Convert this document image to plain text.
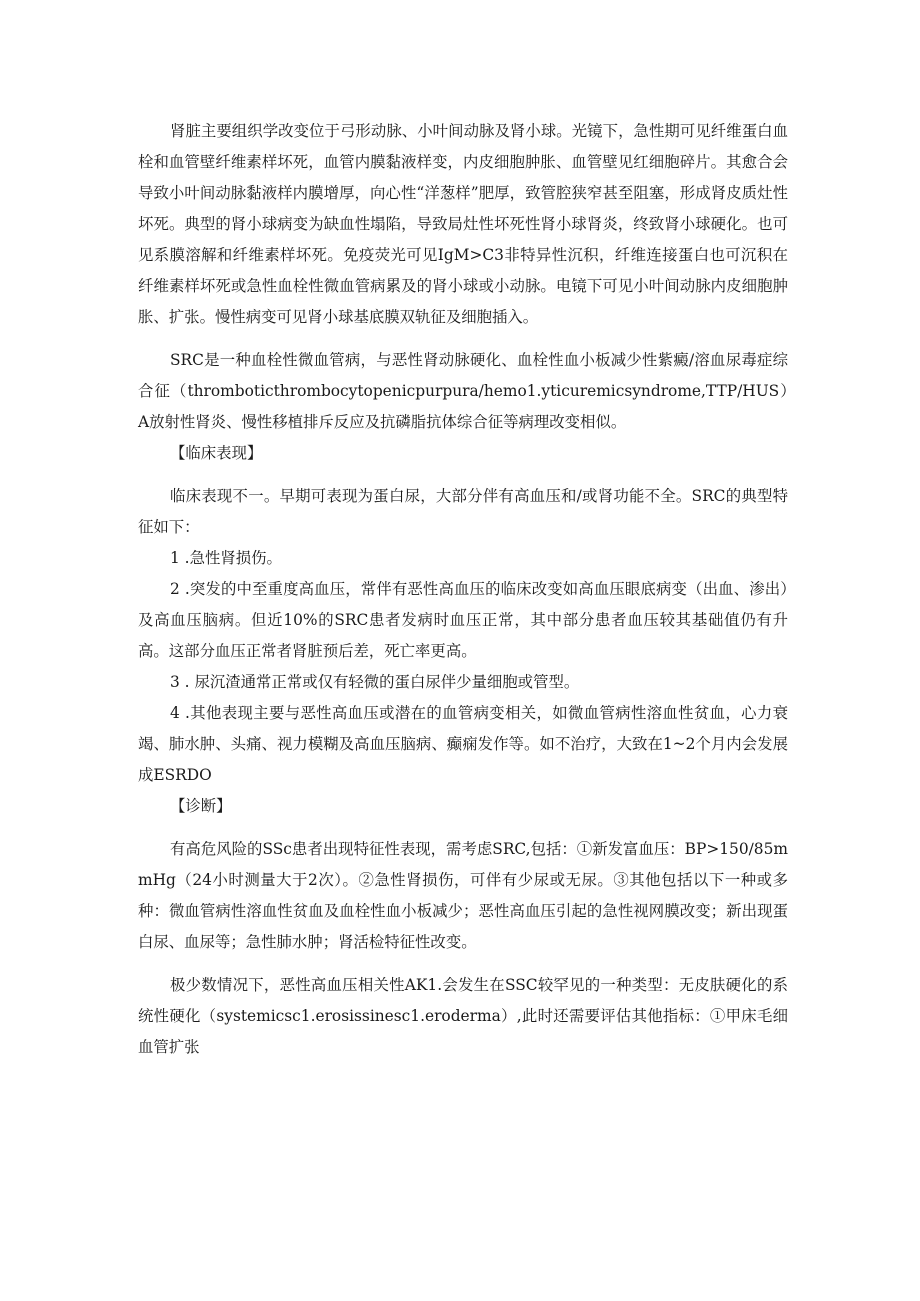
肾脏主要组织学改变位于弓形动脉、小叶间动脉及肾小球。光镜下，急性期可见纤维蛋白血栓和血管壁纤维素样坏死，血管内膜黏液样变，内皮细胞肿胀、血管壁见红细胞碎片。其愈合会导致小叶间动脉黏液样内膜增厚，向心性“洋葱样”肥厚，致管腔狭窄甚至阻塞，形成肾皮质灶性坏死。典型的肾小球病变为缺血性塌陷，导致局灶性坏死性肾小球肾炎，终致肾小球硬化。也可见系膜溶解和纤维素样坏死。免疫荧光可见IgM>C3非特异性沉积，纤维连接蛋白也可沉积在纤维素样坏死或急性血栓性微血管病累及的肾小球或小动脉。电镜下可见小叶间动脉内皮细胞肿胀、扩张。慢性病变可见肾小球基底膜双轨征及细胞插入。

SRC是一种血栓性微血管病，与恶性肾动脉硬化、血栓性血小板减少性紫癜/溶血尿毒症综合征（thromboticthrombocytopenicpurpura/hemo1.yticuremicsyndrome,TTP/HUS）A放射性肾炎、慢性移植排斥反应及抗磷脂抗体综合征等病理改变相似。

【临床表现】

临床表现不一。早期可表现为蛋白尿，大部分伴有高血压和/或肾功能不全。SRC的典型特征如下：

1 .急性肾损伤。

2 .突发的中至重度高血压，常伴有恶性高血压的临床改变如高血压眼底病变（出血、渗出）及高血压脑病。但近10%的SRC患者发病时血压正常，其中部分患者血压较其基础值仍有升高。这部分血压正常者肾脏预后差，死亡率更高。

3 . 尿沉渣通常正常或仅有轻微的蛋白尿伴少量细胞或管型。

4 .其他表现主要与恶性高血压或潜在的血管病变相关，如微血管病性溶血性贫血，心力衰竭、肺水肿、头痛、视力模糊及高血压脑病、癫痫发作等。如不治疗，大致在1~2个月内会发展成ESRDO

【诊断】

有高危风险的SSc患者出现特征性表现，需考虑SRC,包括：①新发富血压：BP>150∕85mmHg（24小时测量大于2次）。②急性肾损伤，可伴有少尿或无尿。③其他包括以下一种或多种：微血管病性溶血性贫血及血栓性血小板减少；恶性高血压引起的急性视网膜改变；新出现蛋白尿、血尿等；急性肺水肿；肾活检特征性改变。

极少数情况下，恶性高血压相关性AK1.会发生在SSC较罕见的一种类型：无皮肤硬化的系统性硬化（systemicsc1.erosissinesc1.eroderma）,此时还需要评估其他指标：①甲床毛细血管扩张
